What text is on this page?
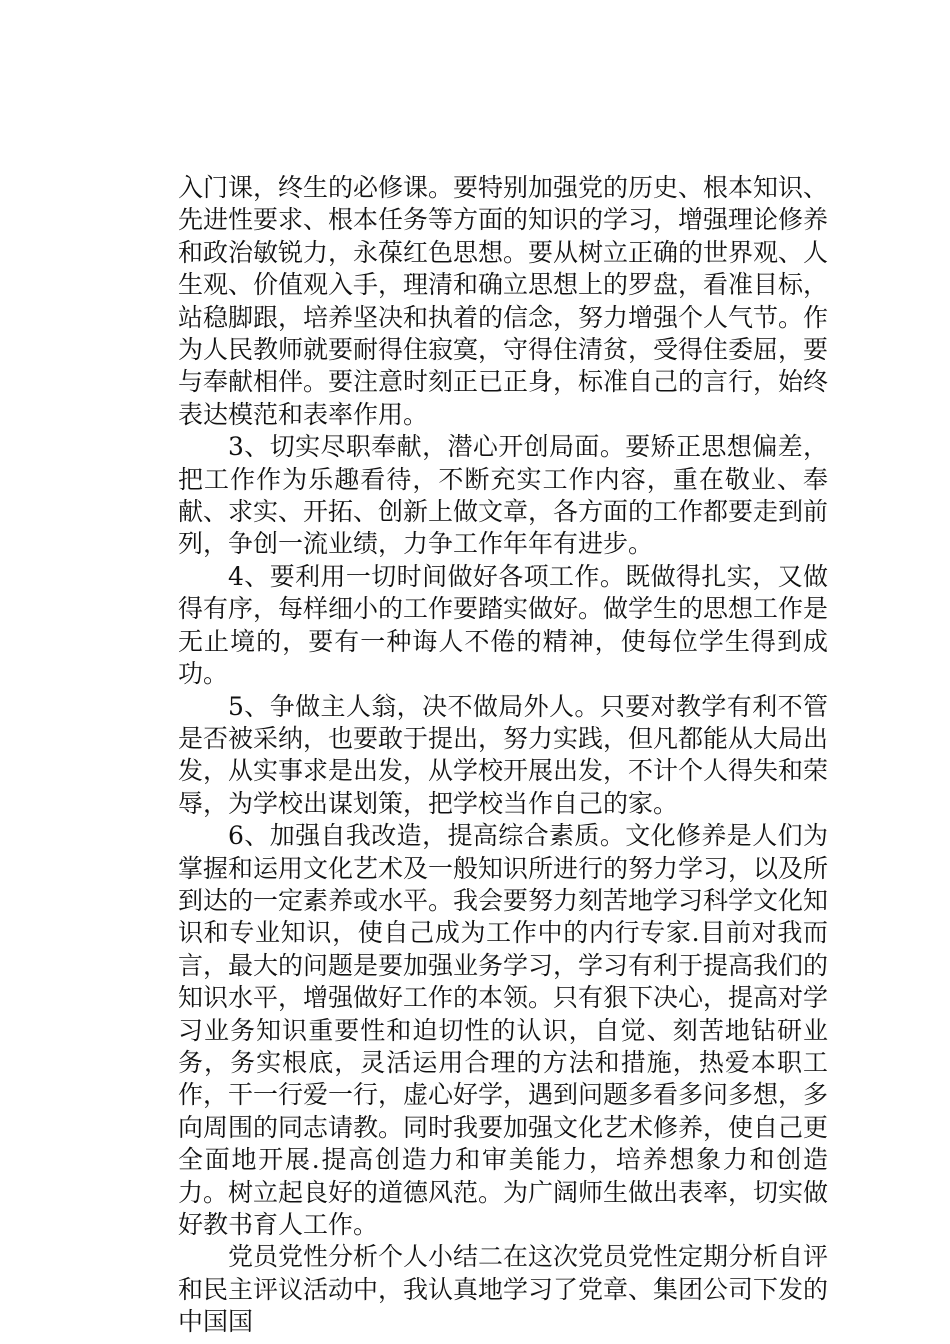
入门课，终生的必修课。要特别加强党的历史、根本知识、先进性要求、根本任务等方面的知识的学习，增强理论修养和政治敏锐力，永葆红色思想。要从树立正确的世界观、人生观、价值观入手，理清和确立思想上的罗盘，看准目标，站稳脚跟，培养坚决和执着的信念，努力增强个人气节。作为人民教师就要耐得住寂寞，守得住清贫，受得住委屈，要与奉献相伴。要注意时刻正已正身，标准自己的言行，始终表达模范和表率作用。

3、切实尽职奉献，潜心开创局面。要矫正思想偏差，把工作作为乐趣看待，不断充实工作内容，重在敬业、奉献、求实、开拓、创新上做文章，各方面的工作都要走到前列，争创一流业绩，力争工作年年有进步。

4、要利用一切时间做好各项工作。既做得扎实，又做得有序，每样细小的工作要踏实做好。做学生的思想工作是无止境的，要有一种诲人不倦的精神，使每位学生得到成功。

5、争做主人翁，决不做局外人。只要对教学有利不管是否被采纳，也要敢于提出，努力实践，但凡都能从大局出发，从实事求是出发，从学校开展出发，不计个人得失和荣辱，为学校出谋划策，把学校当作自己的家。

6、加强自我改造，提高综合素质。文化修养是人们为掌握和运用文化艺术及一般知识所进行的努力学习，以及所到达的一定素养或水平。我会要努力刻苦地学习科学文化知识和专业知识，使自己成为工作中的内行专家.目前对我而言，最大的问题是要加强业务学习，学习有利于提高我们的知识水平，增强做好工作的本领。只有狠下决心，提高对学习业务知识重要性和迫切性的认识，自觉、刻苦地钻研业务，务实根底，灵活运用合理的方法和措施，热爱本职工作，干一行爱一行，虚心好学，遇到问题多看多问多想，多向周围的同志请教。同时我要加强文化艺术修养，使自己更全面地开展.提高创造力和审美能力，培养想象力和创造力。树立起良好的道德风范。为广阔师生做出表率，切实做好教书育人工作。

党员党性分析个人小结二在这次党员党性定期分析自评和民主评议活动中，我认真地学习了党章、集团公司下发的中国国
